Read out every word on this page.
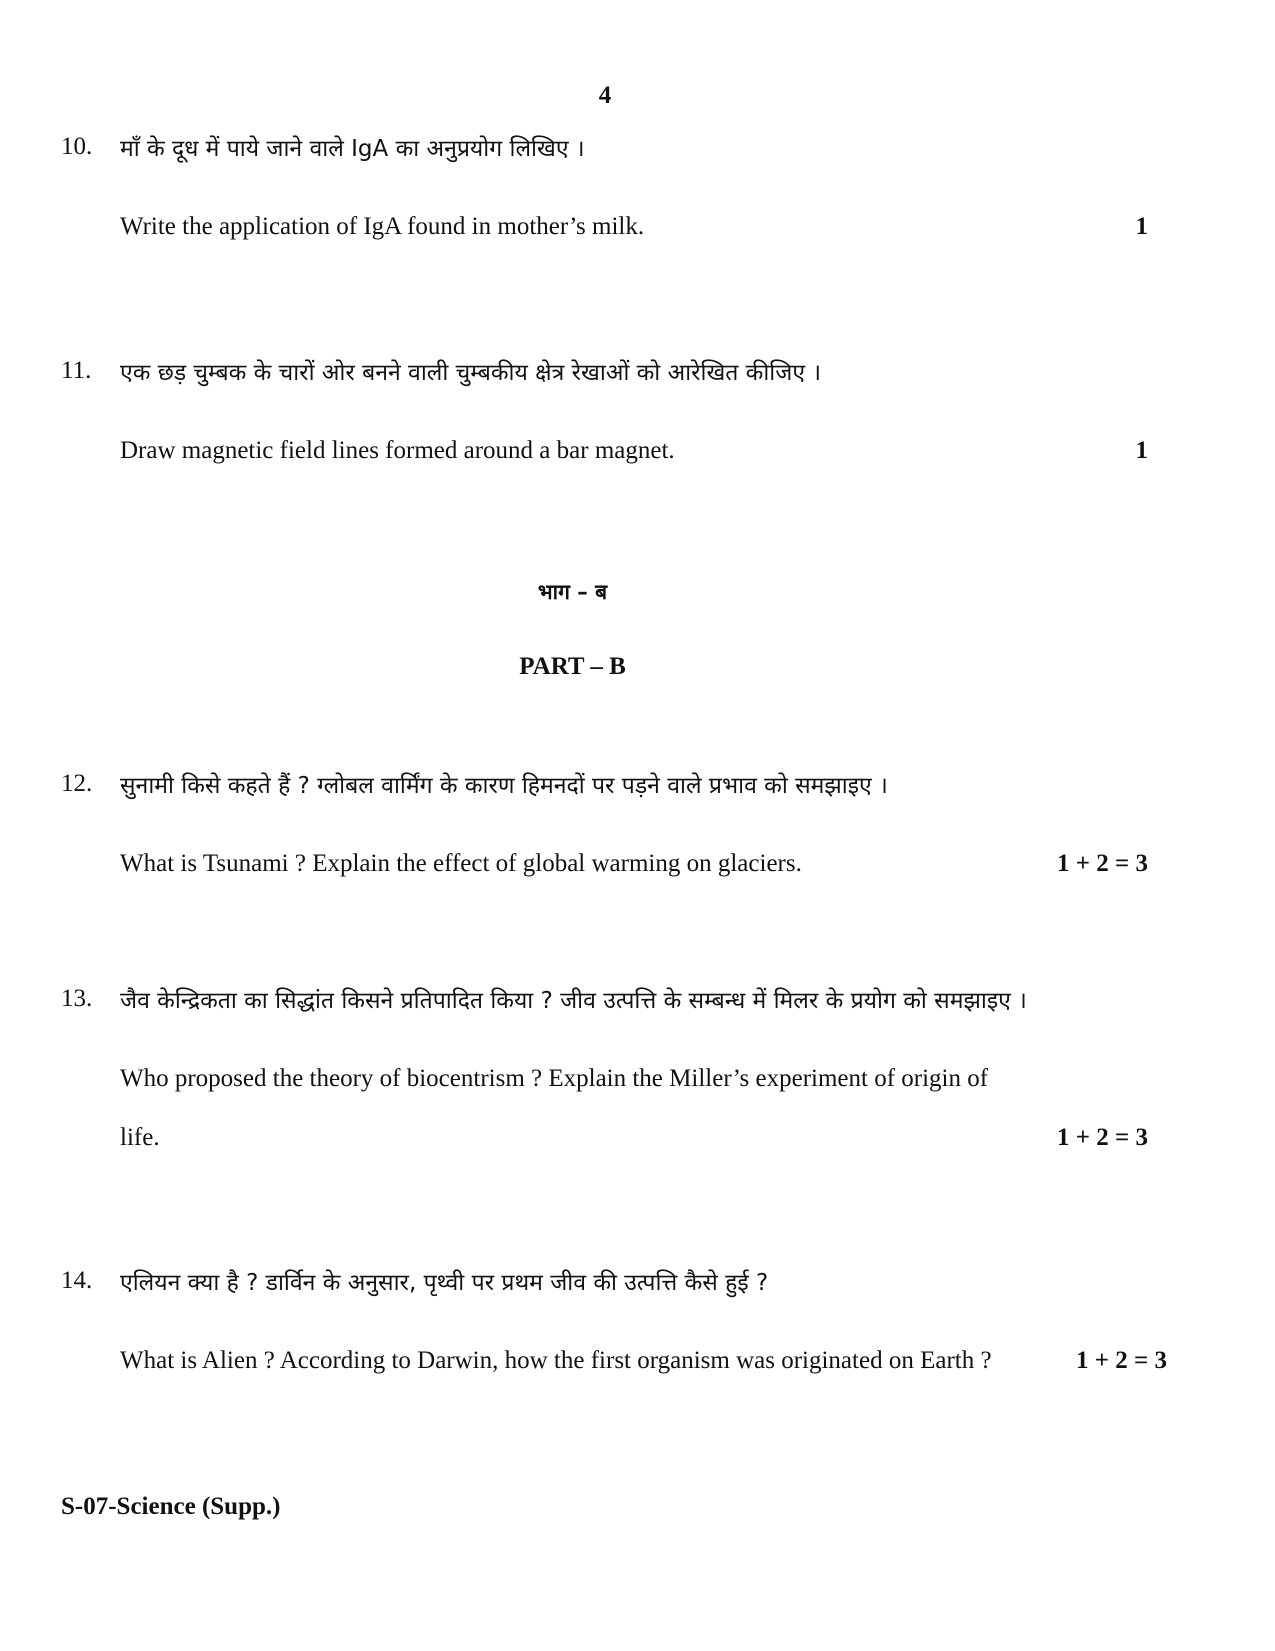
4
10. माँ के दूध में पाये जाने वाले IgA का अनुप्रयोग लिखिए ।
Write the application of IgA found in mother’s milk.	1
11. एक छड़ चुम्बक के चारों ओर बनने वाली चुम्बकीय क्षेत्र रेखाओं को आरेखित कीजिए ।
Draw magnetic field lines formed around a bar magnet.	1
भाग – ब
PART – B
12. सुनामी किसे कहते हैं ? ग्लोबल वार्मिंग के कारण हिमनदों पर पड़ने वाले प्रभाव को समझाइए ।
What is Tsunami ? Explain the effect of global warming on glaciers.	1 + 2 = 3
13. जैव केन्द्रिकता का सिद्धांत किसने प्रतिपादित किया ? जीव उत्पत्ति के सम्बन्ध में मिलर के प्रयोग को समझाइए ।
Who proposed the theory of biocentrism ? Explain the Miller’s experiment of origin of
life.	1 + 2 = 3
14. एलियन क्या है ? डार्विन के अनुसार, पृथ्वी पर प्रथम जीव की उत्पत्ति कैसे हुई ?
What is Alien ? According to Darwin, how the first organism was originated on Earth ?	1 + 2 = 3
S-07-Science (Supp.)
